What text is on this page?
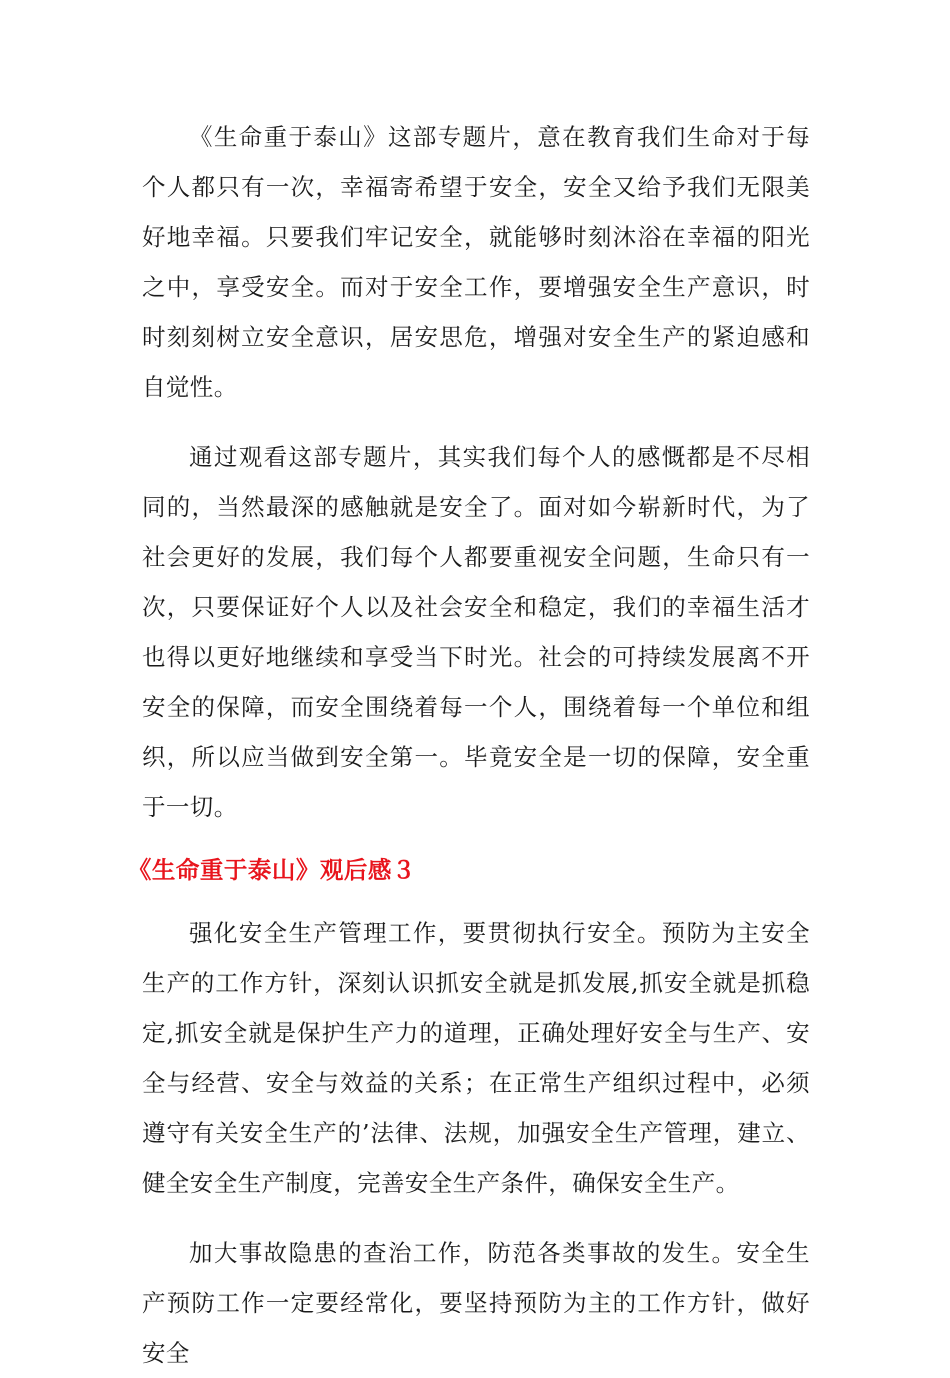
《生命重于泰山》这部专题片，意在教育我们生命对于每个人都只有一次，幸福寄希望于安全，安全又给予我们无限美好地幸福。只要我们牢记安全，就能够时刻沐浴在幸福的阳光之中，享受安全。而对于安全工作，要增强安全生产意识，时时刻刻树立安全意识，居安思危，增强对安全生产的紧迫感和自觉性。

通过观看这部专题片，其实我们每个人的感慨都是不尽相同的，当然最深的感触就是安全了。面对如今崭新时代，为了社会更好的发展，我们每个人都要重视安全问题，生命只有一次，只要保证好个人以及社会安全和稳定，我们的幸福生活才也得以更好地继续和享受当下时光。社会的可持续发展离不开安全的保障，而安全围绕着每一个人，围绕着每一个单位和组织，所以应当做到安全第一。毕竟安全是一切的保障，安全重于一切。

《生命重于泰山》观后感３

强化安全生产管理工作，要贯彻执行安全。预防为主安全生产的工作方针，深刻认识抓安全就是抓发展,抓安全就是抓稳定,抓安全就是保护生产力的道理，正确处理好安全与生产、安全与经营、安全与效益的关系；在正常生产组织过程中，必须遵守有关安全生产的’法律、法规，加强安全生产管理，建立、健全安全生产制度，完善安全生产条件，确保安全生产。

加大事故隐患的查治工作，防范各类事故的发生。安全生产预防工作一定要经常化，要坚持预防为主的工作方针，做好安全
